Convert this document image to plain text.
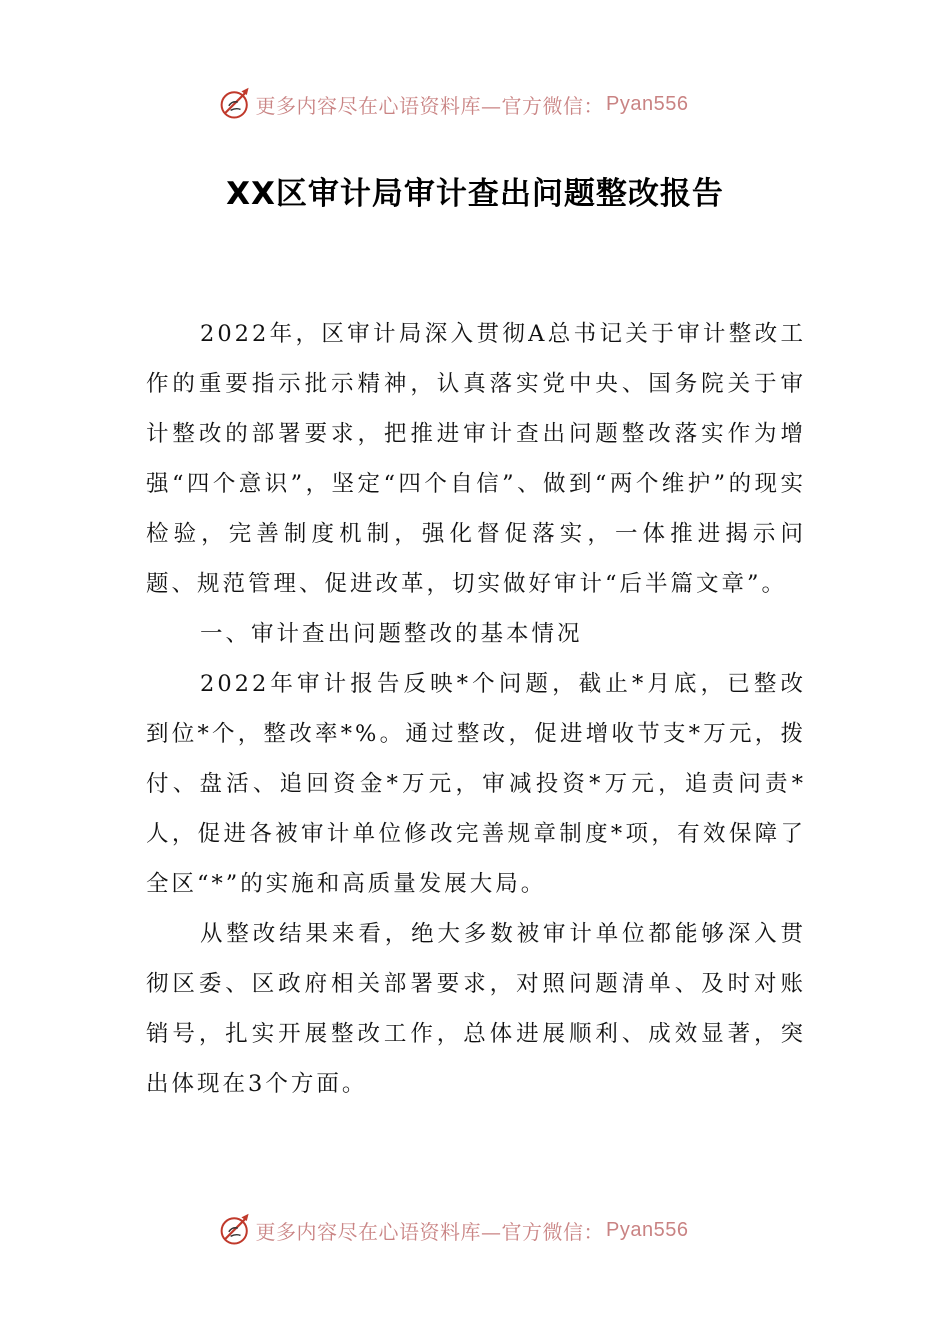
更多内容尽在心语资料库—官方微信： Pyan556
XX区审计局审计查出问题整改报告

2022年，区审计局深入贯彻A总书记关于审计整改工作的重要指示批示精神，认真落实党中央、国务院关于审计整改的部署要求，把推进审计查出问题整改落实作为增强“四个意识”，坚定“四个自信”、做到“两个维护”的现实检验，完善制度机制，强化督促落实，一体推进揭示问题、规范管理、促进改革，切实做好审计“后半篇文章”。

一、审计查出问题整改的基本情况

2022年审计报告反映*个问题，截止*月底，已整改到位*个，整改率*%。通过整改，促进增收节支*万元，拨付、盘活、追回资金*万元，审减投资*万元，追责问责*人，促进各被审计单位修改完善规章制度*项，有效保障了全区“*”的实施和高质量发展大局。

从整改结果来看，绝大多数被审计单位都能够深入贯彻区委、区政府相关部署要求，对照问题清单、及时对账销号，扎实开展整改工作，总体进展顺利、成效显著，突出体现在3个方面。

更多内容尽在心语资料库—官方微信： Pyan556
